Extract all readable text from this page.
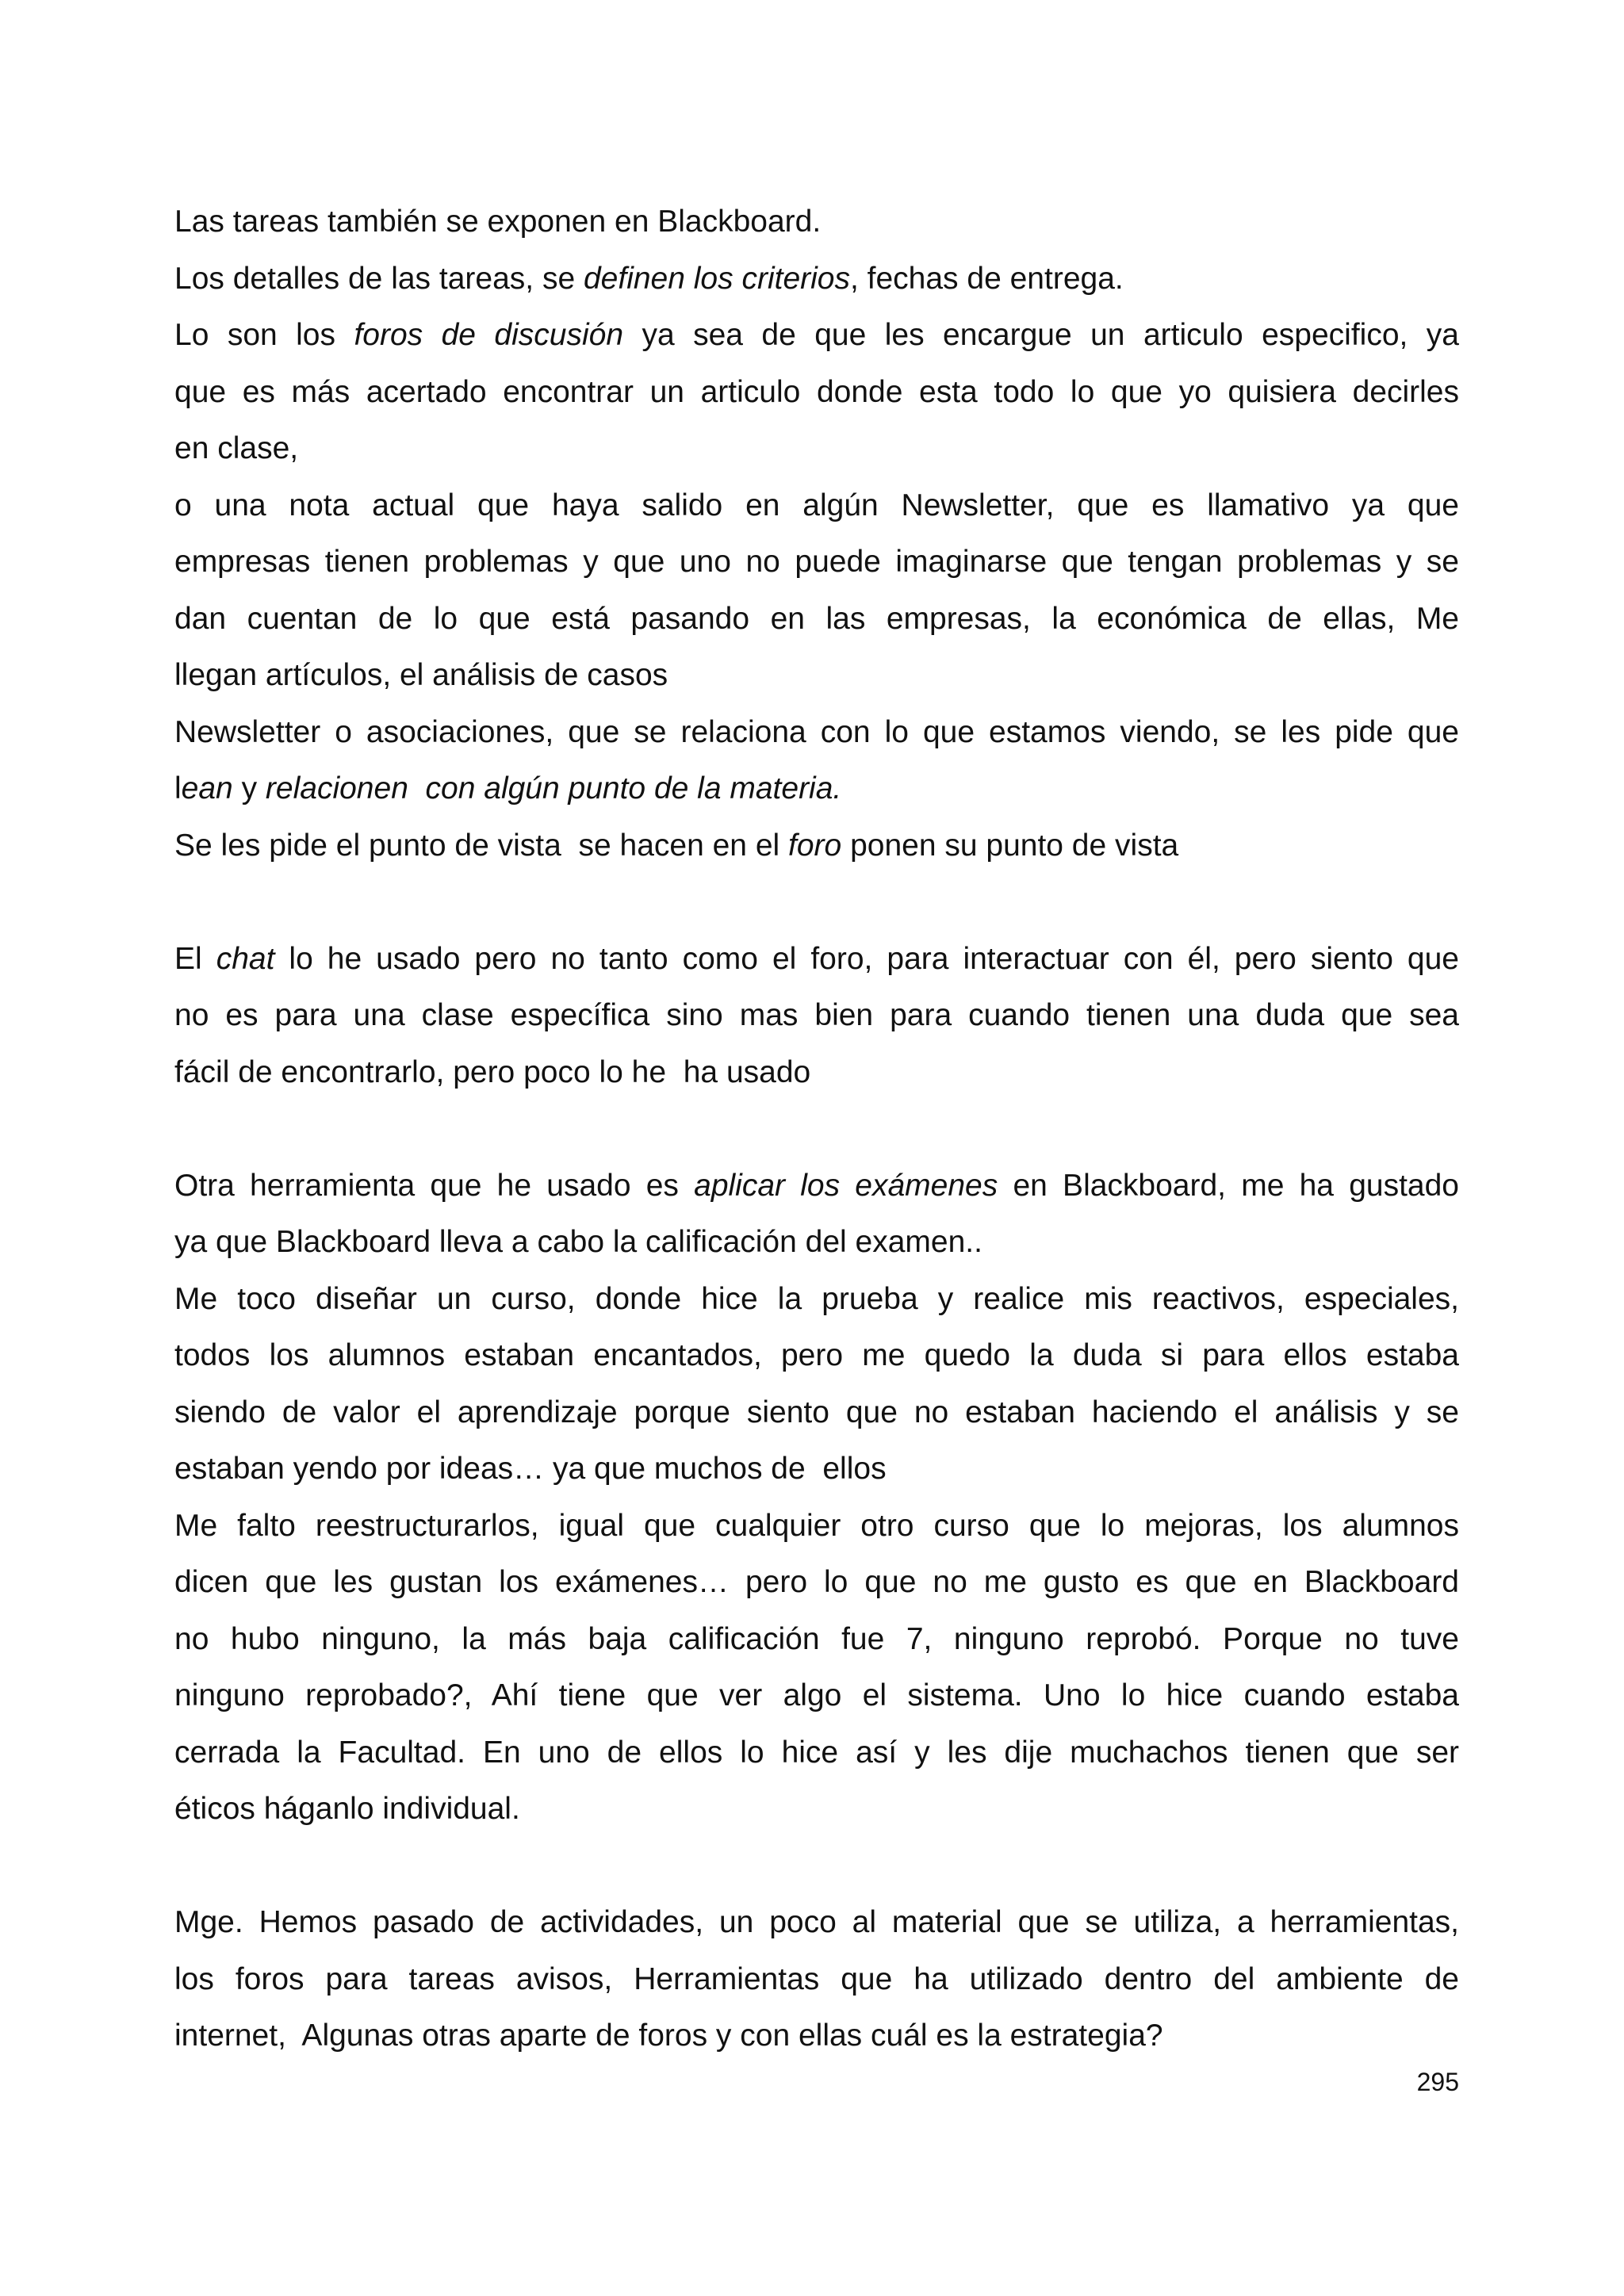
Las tareas también se exponen en Blackboard.

Los detalles de las tareas, se definen los criterios, fechas de entrega.

Lo son los foros de discusión ya sea de que les encargue un articulo especifico, ya

que es más acertado encontrar un articulo donde esta todo lo que yo quisiera decirles

en clase,

o una nota actual que haya salido en algún Newsletter, que es llamativo ya que

empresas tienen problemas y que uno no puede imaginarse que tengan problemas y se

dan cuentan de lo que está pasando en las empresas, la económica de ellas, Me

llegan artículos, el análisis de casos

Newsletter o asociaciones, que se relaciona con lo que estamos viendo, se les pide que

lean y relacionen  con algún punto de la materia.

Se les pide el punto de vista  se hacen en el foro ponen su punto de vista

El chat lo he usado pero no tanto como el foro, para interactuar con él, pero siento que

no es para una clase específica sino mas bien para cuando tienen una duda que sea

fácil de encontrarlo, pero poco lo he  ha usado

Otra herramienta que he usado es aplicar los exámenes en Blackboard, me ha gustado

ya que Blackboard lleva a cabo la calificación del examen..

Me toco diseñar un curso, donde hice la prueba y realice mis reactivos, especiales,

todos los alumnos estaban encantados, pero me quedo la duda si para ellos estaba

siendo de valor el aprendizaje porque siento que no estaban haciendo el análisis y se

estaban yendo por ideas… ya que muchos de  ellos

Me falto reestructurarlos, igual que cualquier otro curso que lo mejoras, los alumnos

dicen que les gustan los exámenes… pero lo que no me gusto es que en Blackboard

no hubo ninguno, la más baja calificación fue 7, ninguno reprobó. Porque no tuve

ninguno reprobado?, Ahí tiene que ver algo el sistema. Uno lo hice cuando estaba

cerrada la Facultad. En uno de ellos lo hice así y les dije muchachos tienen que ser

éticos háganlo individual.

Mge. Hemos pasado de actividades, un poco al material que se utiliza, a herramientas,

los foros para tareas avisos, Herramientas que ha utilizado dentro del ambiente de

internet,  Algunas otras aparte de foros y con ellas cuál es la estrategia?

295
